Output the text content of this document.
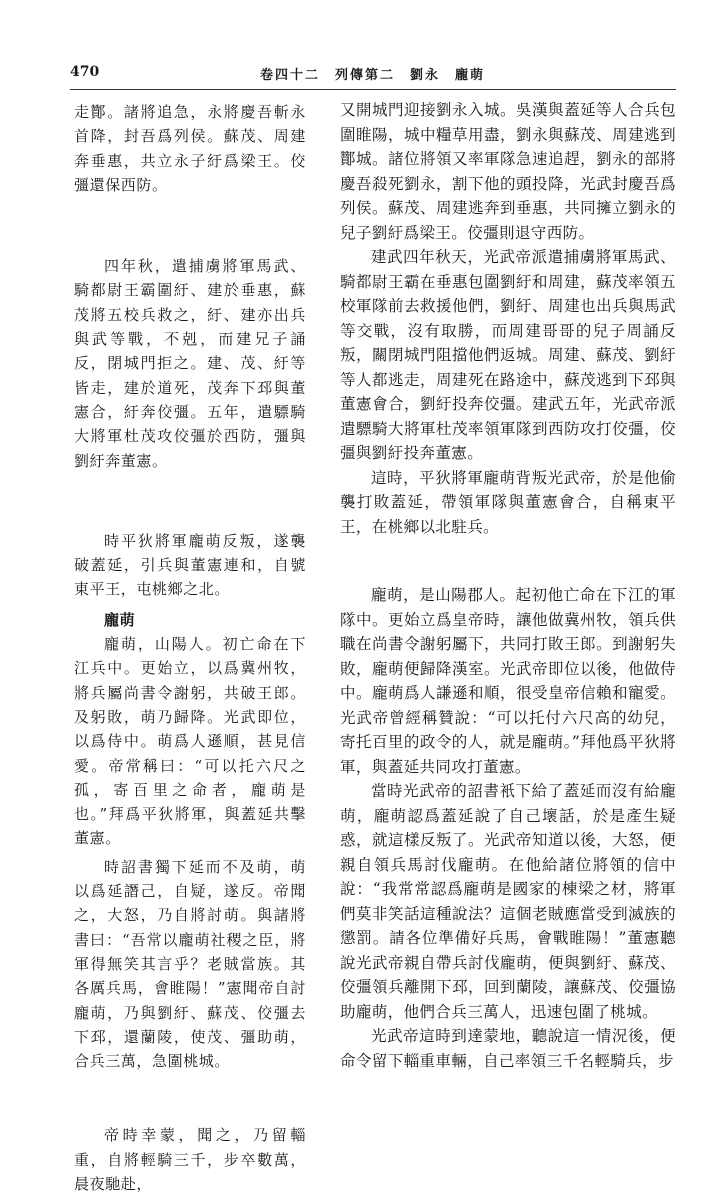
470	卷四十二　列傳第二　劉永　龐萌

走酇。諸將追急，永將慶吾斬永首降，封吾爲列侯。蘇茂、周建奔垂惠，共立永子紆爲梁王。佼彊還保西防。

四年秋，遣捕虜將軍馬武、騎都尉王霸圍紆、建於垂惠，蘇茂將五校兵救之，紆、建亦出兵與武等戰，不剋，而建兄子誦反，閉城門拒之。建、茂、紆等皆走，建於道死，茂奔下邳與董憲合，紆奔佼彊。五年，遣驃騎大將軍杜茂攻佼彊於西防，彊與劉紆奔董憲。

時平狄將軍龐萌反叛，遂襲破蓋延，引兵與董憲連和，自號東平王，屯桃鄉之北。

龐萌

龐萌，山陽人。初亡命在下江兵中。更始立，以爲冀州牧，將兵屬尚書令謝躬，共破王郎。及躬敗，萌乃歸降。光武即位，以爲侍中。萌爲人遜順，甚見信愛。帝常稱曰：“可以托六尺之孤，寄百里之命者，龐萌是也。”拜爲平狄將軍，與蓋延共擊董憲。

時詔書獨下延而不及萌，萌以爲延譖己，自疑，遂反。帝聞之，大怒，乃自將討萌。與諸將書曰：“吾常以龐萌社稷之臣，將軍得無笑其言乎？老賊當族。其各厲兵馬，會睢陽！”憲聞帝自討龐萌，乃與劉紆、蘇茂、佼彊去下邳，還蘭陵，使茂、彊助萌，合兵三萬，急圍桃城。

帝時幸蒙，聞之，乃留輜重，自將輕騎三千，步卒數萬，晨夜馳赴，

又開城門迎接劉永入城。吳漢與蓋延等人合兵包圍睢陽，城中糧草用盡，劉永與蘇茂、周建逃到酇城。諸位將領又率軍隊急速追趕，劉永的部將慶吾殺死劉永，割下他的頭投降，光武封慶吾爲列侯。蘇茂、周建逃奔到垂惠，共同擁立劉永的兒子劉紆爲梁王。佼彊則退守西防。

建武四年秋天，光武帝派遣捕虜將軍馬武、騎都尉王霸在垂惠包圍劉紆和周建，蘇茂率領五校軍隊前去救援他們，劉紆、周建也出兵與馬武等交戰，沒有取勝，而周建哥哥的兒子周誦反叛，關閉城門阻擋他們返城。周建、蘇茂、劉紆等人都逃走，周建死在路途中，蘇茂逃到下邳與董憲會合，劉紆投奔佼彊。建武五年，光武帝派遣驃騎大將軍杜茂率領軍隊到西防攻打佼彊，佼彊與劉紆投奔董憲。

這時，平狄將軍龐萌背叛光武帝，於是他偷襲打敗蓋延，帶領軍隊與董憲會合，自稱東平王，在桃鄉以北駐兵。

龐萌，是山陽郡人。起初他亡命在下江的軍隊中。更始立爲皇帝時，讓他做冀州牧，領兵供職在尚書令謝躬屬下，共同打敗王郎。到謝躬失敗，龐萌便歸降漢室。光武帝即位以後，他做侍中。龐萌爲人謙遜和順，很受皇帝信賴和寵愛。光武帝曾經稱贊說：“可以托付六尺高的幼兒，寄托百里的政令的人，就是龐萌。”拜他爲平狄將軍，與蓋延共同攻打董憲。

當時光武帝的詔書衹下給了蓋延而沒有給龐萌，龐萌認爲蓋延說了自己壞話，於是產生疑惑，就這樣反叛了。光武帝知道以後，大怒，便親自領兵馬討伐龐萌。在他給諸位將領的信中說：“我常常認爲龐萌是國家的棟梁之材，將軍們莫非笑話這種說法？這個老賊應當受到滅族的懲罰。請各位準備好兵馬，會戰睢陽！”董憲聽說光武帝親自帶兵討伐龐萌，便與劉紆、蘇茂、佼彊領兵離開下邳，回到蘭陵，讓蘇茂、佼彊協助龐萌，他們合兵三萬人，迅速包圍了桃城。

光武帝這時到達蒙地，聽說這一情況後，便命令留下輜重車輛，自己率領三千名輕騎兵，步
